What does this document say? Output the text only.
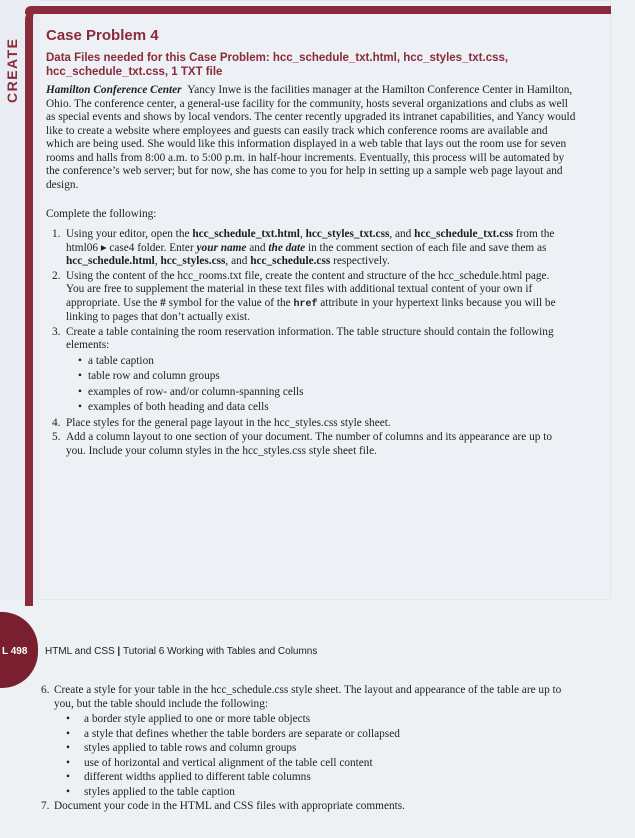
CREATE
Case Problem 4
Data Files needed for this Case Problem: hcc_schedule_txt.html, hcc_styles_txt.css, hcc_schedule_txt.css, 1 TXT file
Hamilton Conference Center Yancy Inwe is the facilities manager at the Hamilton Conference Center in Hamilton, Ohio. The conference center, a general-use facility for the community, hosts several organizations and clubs as well as special events and shows by local vendors. The center recently upgraded its intranet capabilities, and Yancy would like to create a website where employees and guests can easily track which conference rooms are available and which are being used. She would like this information displayed in a web table that lays out the room use for seven rooms and halls from 8:00 a.m. to 5:00 p.m. in half-hour increments. Eventually, this process will be automated by the conference’s web server; but for now, she has come to you for help in setting up a sample web page layout and design.
Complete the following:
1. Using your editor, open the hcc_schedule_txt.html, hcc_styles_txt.css, and hcc_schedule_txt.css from the html06 ▸ case4 folder. Enter your name and the date in the comment section of each file and save them as hcc_schedule.html, hcc_styles.css, and hcc_schedule.css respectively.
2. Using the content of the hcc_rooms.txt file, create the content and structure of the hcc_schedule.html page. You are free to supplement the material in these text files with additional textual content of your own if appropriate. Use the # symbol for the value of the href attribute in your hypertext links because you will be linking to pages that don’t actually exist.
3. Create a table containing the room reservation information. The table structure should contain the following elements:
• a table caption
• table row and column groups
• examples of row- and/or column-spanning cells
• examples of both heading and data cells
4. Place styles for the general page layout in the hcc_styles.css style sheet.
5. Add a column layout to one section of your document. The number of columns and its appearance are up to you. Include your column styles in the hcc_styles.css style sheet file.
L 498 HTML and CSS | Tutorial 6 Working with Tables and Columns
6. Create a style for your table in the hcc_schedule.css style sheet. The layout and appearance of the table are up to you, but the table should include the following:
• a border style applied to one or more table objects
• a style that defines whether the table borders are separate or collapsed
• styles applied to table rows and column groups
• use of horizontal and vertical alignment of the table cell content
• different widths applied to different table columns
• styles applied to the table caption
7. Document your code in the HTML and CSS files with appropriate comments.
